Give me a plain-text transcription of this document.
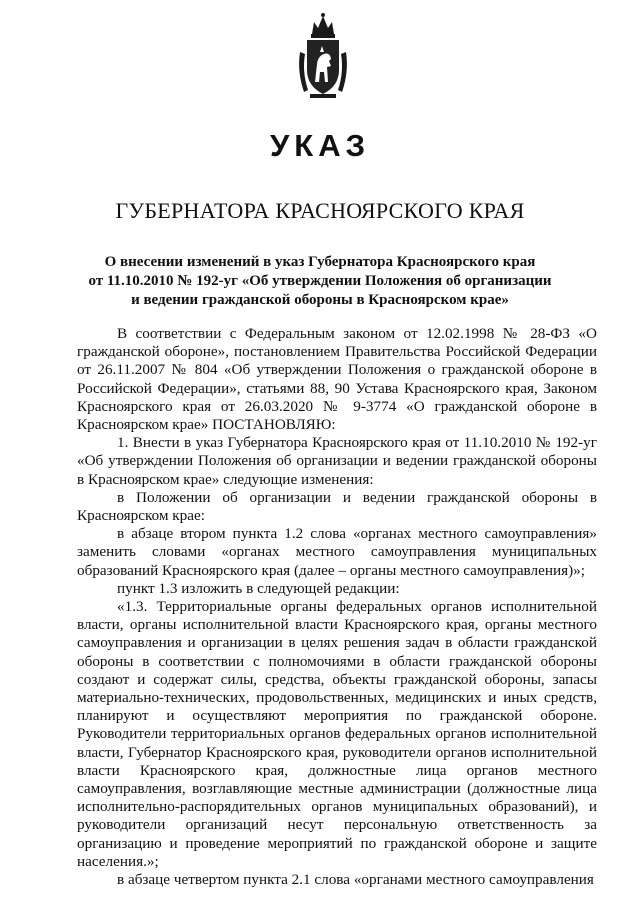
УКАЗ
ГУБЕРНАТОРА КРАСНОЯРСКОГО КРАЯ
О внесении изменений в указ Губернатора Красноярского края
от 11.10.2010 № 192-уг «Об утверждении Положения об организации
и ведении гражданской обороны в Красноярском крае»

В соответствии с Федеральным законом от 12.02.1998 № 28-ФЗ «О гражданской обороне», постановлением Правительства Российской Федерации от 26.11.2007 № 804 «Об утверждении Положения о гражданской обороне в Российской Федерации», статьями 88, 90 Устава Красноярского края, Законом Красноярского края от 26.03.2020 № 9-3774 «О гражданской обороне в Красноярском крае» ПОСТАНОВЛЯЮ:

1. Внести в указ Губернатора Красноярского края от 11.10.2010 № 192-уг «Об утверждении Положения об организации и ведении гражданской обороны в Красноярском крае» следующие изменения:

в Положении об организации и ведении гражданской обороны в Красноярском крае:

в абзаце втором пункта 1.2 слова «органах местного самоуправления» заменить словами «органах местного самоуправления муниципальных образований Красноярского края (далее – органы местного самоуправления)»;

пункт 1.3 изложить в следующей редакции:

«1.3. Территориальные органы федеральных органов исполнительной власти, органы исполнительной власти Красноярского края, органы местного самоуправления и организации в целях решения задач в области гражданской обороны в соответствии с полномочиями в области гражданской обороны создают и содержат силы, средства, объекты гражданской обороны, запасы материально-технических, продовольственных, медицинских и иных средств, планируют и осуществляют мероприятия по гражданской обороне. Руководители территориальных органов федеральных органов исполнительной власти, Губернатор Красноярского края, руководители органов исполнительной власти Красноярского края, должностные лица органов местного самоуправления, возглавляющие местные администрации (должностные лица исполнительно-распорядительных органов муниципальных образований), и руководители организаций несут персональную ответственность за организацию и проведение мероприятий по гражданской обороне и защите населения.»;

в абзаце четвертом пункта 2.1 слова «органами местного самоуправления
